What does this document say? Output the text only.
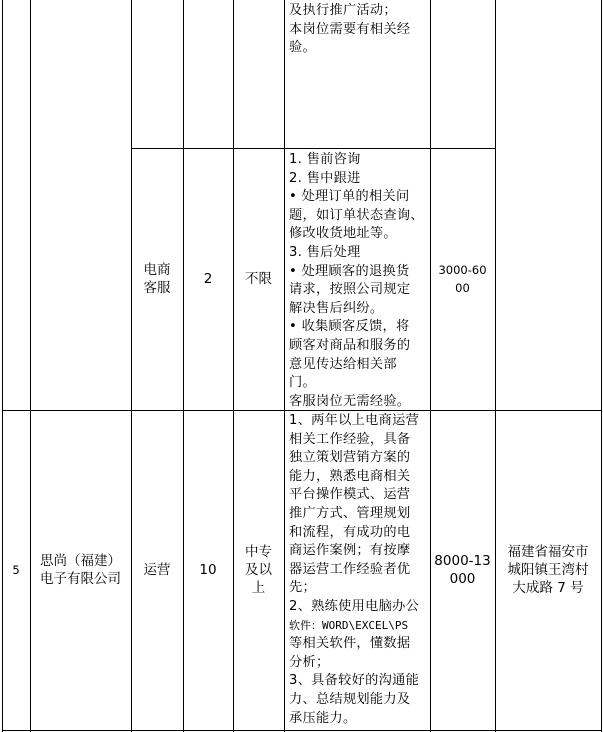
及执行推广活动；
本岗位需要有相关经
验。
电商
客服
2 不限
1. 售前咨询
2. 售中跟进
• 处理订单的相关问
题，如订单状态查询、
修改收货地址等。
3. 售后处理
• 处理顾客的退换货
请求，按照公司规定
解决售后纠纷。
• 收集顾客反馈，将
顾客对商品和服务的
意见传达给相关部
门。
客服岗位无需经验。
3000-60
00
5
思尚（福建）
电子有限公司
运营 10
中专
及以
上
1、两年以上电商运营
相关工作经验，具备
独立策划营销方案的
能力，熟悉电商相关
平台操作模式、运营
推广方式、管理规划
和流程，有成功的电
商运作案例；有按摩
器运营工作经验者优
先；
2、熟练使用电脑办公
软件：WORD\EXCEL\PS
等相关软件，懂数据
分析；
3、具备较好的沟通能
力、总结规划能力及
承压能力。
8000-13
000
福建省福安市
城阳镇王湾村
大成路 7 号
